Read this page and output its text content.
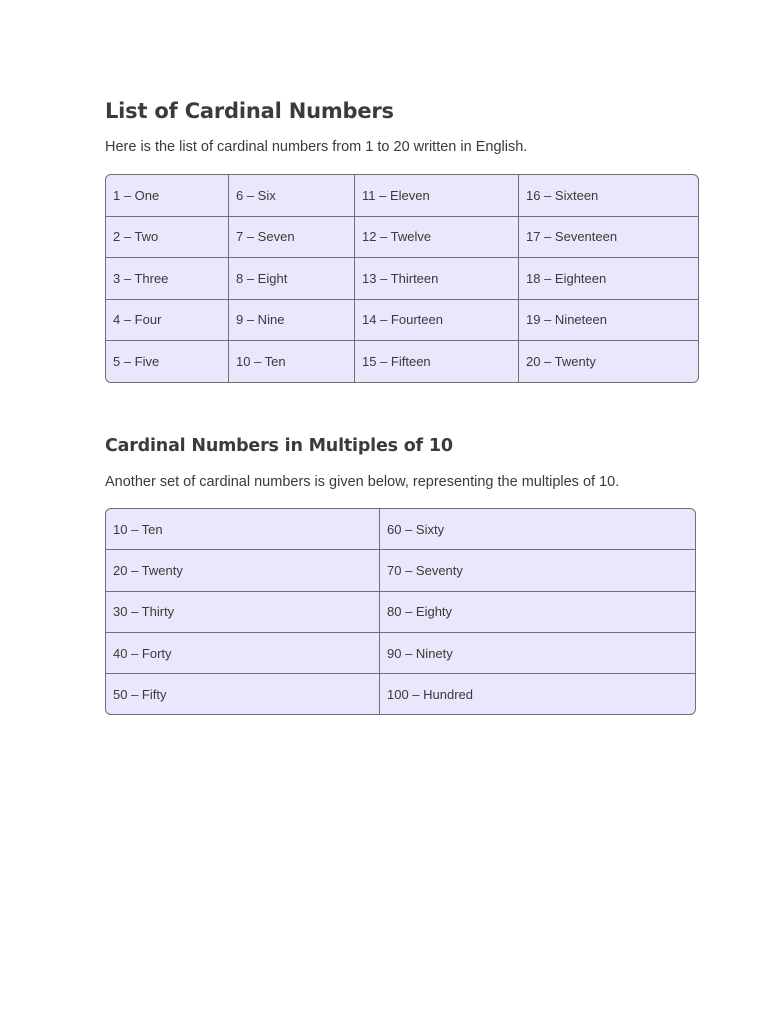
List of Cardinal Numbers

Here is the list of cardinal numbers from 1 to 20 written in English.

1 – One	6 – Six	11 – Eleven	16 – Sixteen
2 – Two	7 – Seven	12 – Twelve	17 – Seventeen
3 – Three	8 – Eight	13 – Thirteen	18 – Eighteen
4 – Four	9 – Nine	14 – Fourteen	19 – Nineteen
5 – Five	10 – Ten	15 – Fifteen	20 – Twenty
Cardinal Numbers in Multiples of 10

Another set of cardinal numbers is given below, representing the multiples of 10.

10 – Ten	60 – Sixty
20 – Twenty	70 – Seventy
30 – Thirty	80 – Eighty
40 – Forty	90 – Ninety
50 – Fifty	100 – Hundred
